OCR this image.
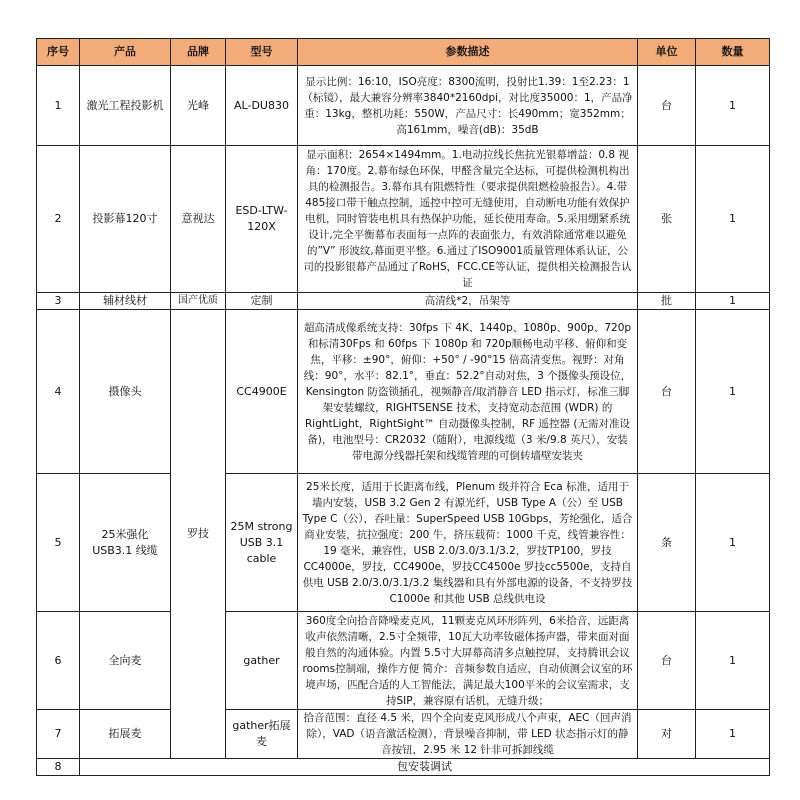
序号	产品	品牌	型号	参数描述	单位	数量
1	激光工程投影机	光峰	AL-DU830	显示比例：16:10，ISO亮度：8300流明，投射比1.39：1至2.23：1（标镜），最大兼容分辨率3840*2160dpi，对比度35000：1，产品净重：13kg，整机功耗：550W，产品尺寸：长490mm；宽352mm；高161mm，噪音(dB)：35dB	台	1
2	投影幕120寸	意视达	ESD-LTW-120X	显示面积：2654×1494mm。1.电动拉线长焦抗光银幕增益：0.8 视角：170度。2.幕布绿色环保，甲醛含量完全达标，可提供检测机构出具的检测报告。3.幕布具有阻燃特性（要求提供阻燃检验报告）。4.带485接口带干触点控制，遥控中控可无缝使用，自动断电功能有效保护电机，同时管装电机具有热保护功能，延长使用寿命。5.采用绷紧系统设计,完全平衡幕布表面每一点阵的表面张力，有效消除通常难以避免的”V” 形波纹,幕面更平整。6.通过了ISO9001质量管理体系认证，公司的投影银幕产品通过了RoHS，FCC.CE等认证，提供相关检测报告认证	张	1
3	辅材线材	国产优质	定制	高清线*2，吊架等	批	1
4	摄像头	罗技	CC4900E	超高清成像系统支持：30fps 下 4K、1440p、1080p、900p、720p 和标清30Fps 和 60fps 下 1080p 和 720p顺畅电动平移、俯仰和变焦，平移：±90°，俯仰：+50° / -90°15 倍高清变焦。视野：对角线：90°，水平：82.1°，垂直：52.2°自动对焦，3 个摄像头预设位，Kensington 防盗锁插孔，视频静音/取消静音 LED 指示灯，标准三脚架安装螺纹，RIGHTSENSE 技术，支持宽动态范围 (WDR) 的 RightLight，RightSight™ 自动摄像头控制，RF 遥控器 (无需对准设备)，电池型号：CR2032（随附），电源线缆（3 米/9.8 英尺），安装带电源分线器托架和线缆管理的可倒转墙壁安装夹	台	1
5	25米强化USB3.1 线缆		25M strong USB 3.1 cable	25米长度，适用于长距离布线，Plenum 级并符合 Eca 标准，适用于墙内安装，USB 3.2 Gen 2 有源光纤，USB Type A（公）至 USB Type C（公），吞吐量：SuperSpeed USB 10Gbps，芳纶强化，适合商业安装，抗拉强度：200 牛，挤压载荷：1000 千克，线管兼容性：19 毫米，兼容性，USB 2.0/3.0/3.1/3.2，罗技TP100，罗技 CC4000e，罗技，CC4900e，罗技CC4500e 罗技cc5500e，支持自供电 USB 2.0/3.0/3.1/3.2 集线器和具有外部电源的设备，不支持罗技 C1000e 和其他 USB 总线供电设	条	1
6	全向麦		gather	360度全向拾音降噪麦克风，11颗麦克风环形阵列，6米拾音，远距离收声依然清晰，2.5寸全频带，10瓦大功率钕磁体扬声器，带来面对面般自然的沟通体验。内置 5.5寸大屏幕高清多点触控屏，支持腾讯会议rooms控制端，操作方便 简介：音频参数自适应，自动侦测会议室的环境声场，匹配合适的人工智能法，满足最大100平米的会议室需求，支持SIP，兼容原有话机，无缝升级；	台	1
7	拓展麦		gather拓展麦	拾音范围：直径 4.5 米，四个全向麦克风形成八个声束，AEC（回声消除），VAD（语音激活检测），背景噪音抑制，带 LED 状态指示灯的静音按钮，2.95 米 12 针非可拆卸线缆	对	1
8	包安装调试					
